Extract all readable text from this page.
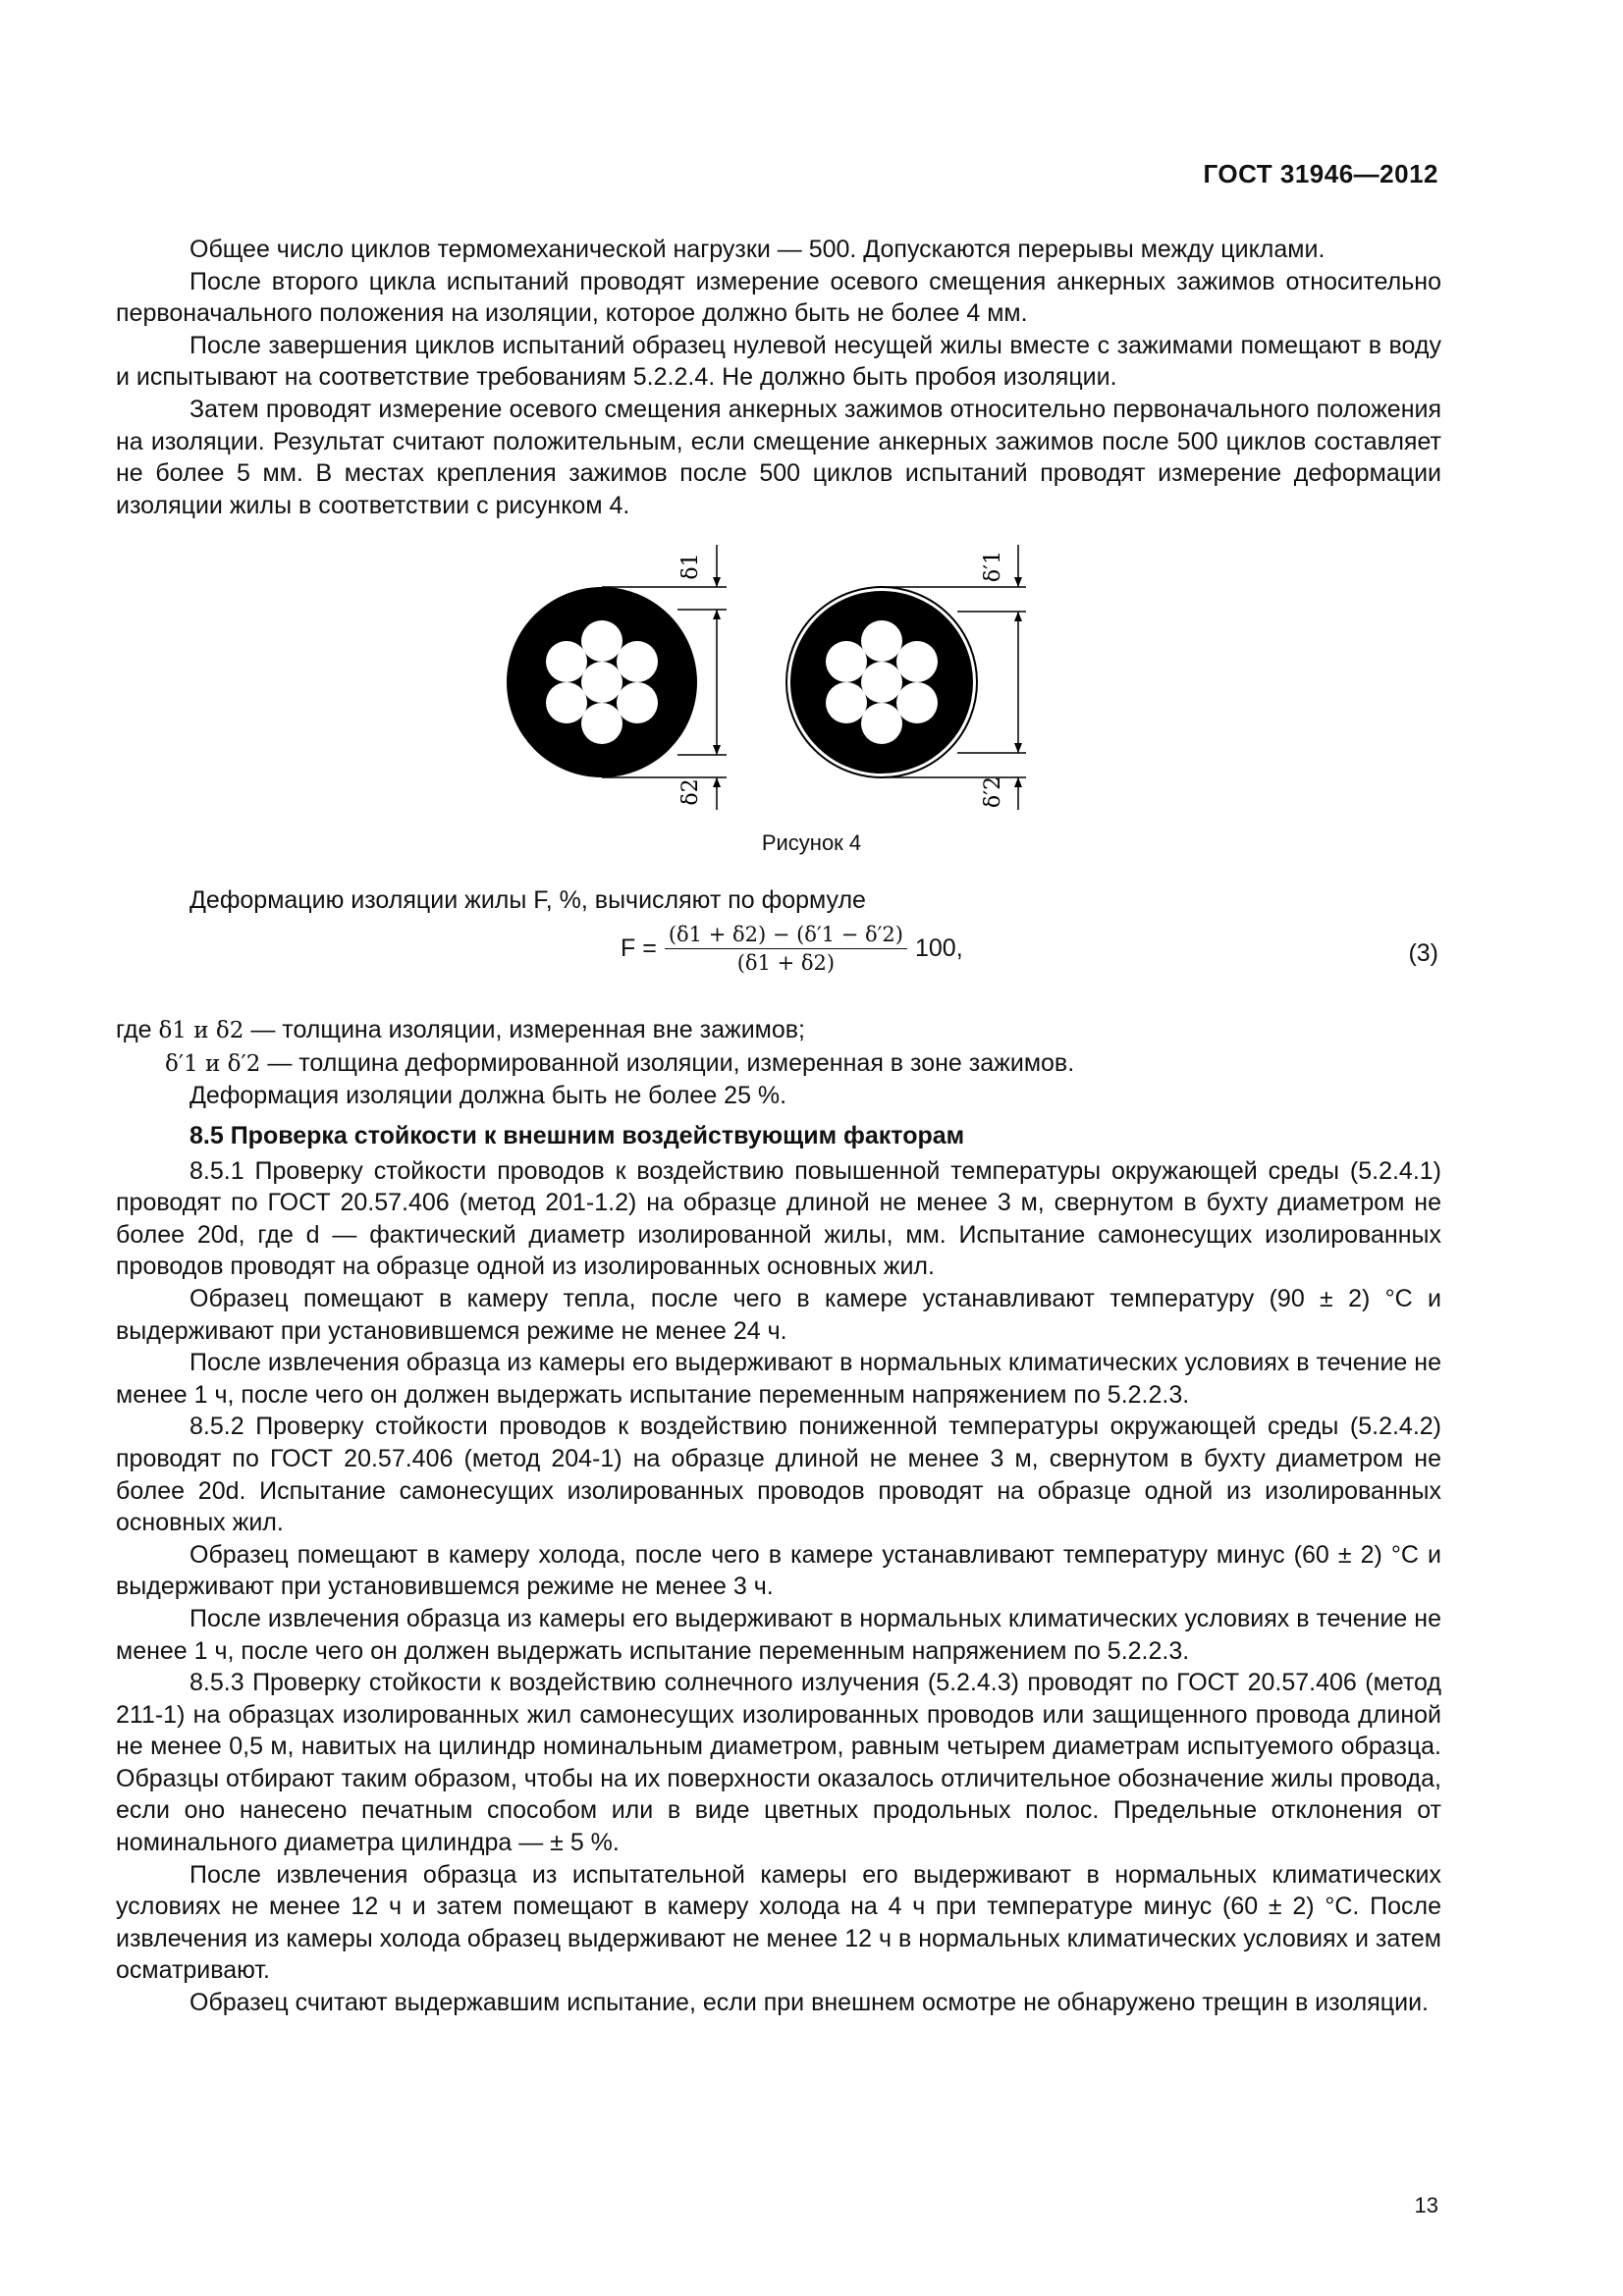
ГОСТ 31946—2012

Общее число циклов термомеханической нагрузки — 500. Допускаются перерывы между циклами.

После второго цикла испытаний проводят измерение осевого смещения анкерных зажимов относительно первоначального положения на изоляции, которое должно быть не более 4 мм.

После завершения циклов испытаний образец нулевой несущей жилы вместе с зажимами помещают в воду и испытывают на соответствие требованиям 5.2.2.4. Не должно быть пробоя изоляции.

Затем проводят измерение осевого смещения анкерных зажимов относительно первоначального положения на изоляции. Результат считают положительным, если смещение анкерных зажимов после 500 циклов составляет не более 5 мм. В местах крепления зажимов после 500 циклов испытаний проводят измерение деформации изоляции жилы в соответствии с рисунком 4.

δ1
δ2
δ′1
δ′2
Рисунок 4
Деформацию изоляции жилы F, %, вычисляют по формуле
$F = \frac{(\delta 1 + \delta 2) - (\delta'1 - \delta'2)}{(\delta 1 + \delta 2)} 100$,	(3)

где δ1 и δ2 — толщина изоляции, измеренная вне зажимов;

δ′1 и δ′2 — толщина деформированной изоляции, измеренная в зоне зажимов.

Деформация изоляции должна быть не более 25 %.

8.5 Проверка стойкости к внешним воздействующим факторам

8.5.1 Проверку стойкости проводов к воздействию повышенной температуры окружающей среды (5.2.4.1) проводят по ГОСТ 20.57.406 (метод 201-1.2) на образце длиной не менее 3 м, свернутом в бухту диаметром не более 20d, где d — фактический диаметр изолированной жилы, мм. Испытание самонесущих изолированных проводов проводят на образце одной из изолированных основных жил.

Образец помещают в камеру тепла, после чего в камере устанавливают температуру (90 ± 2) °С и выдерживают при установившемся режиме не менее 24 ч.

После извлечения образца из камеры его выдерживают в нормальных климатических условиях в течение не менее 1 ч, после чего он должен выдержать испытание переменным напряжением по 5.2.2.3.

8.5.2 Проверку стойкости проводов к воздействию пониженной температуры окружающей среды (5.2.4.2) проводят по ГОСТ 20.57.406 (метод 204-1) на образце длиной не менее 3 м, свернутом в бухту диаметром не более 20d. Испытание самонесущих изолированных проводов проводят на образце одной из изолированных основных жил.

Образец помещают в камеру холода, после чего в камере устанавливают температуру минус (60 ± 2) °С и выдерживают при установившемся режиме не менее 3 ч.

После извлечения образца из камеры его выдерживают в нормальных климатических условиях в течение не менее 1 ч, после чего он должен выдержать испытание переменным напряжением по 5.2.2.3.

8.5.3 Проверку стойкости к воздействию солнечного излучения (5.2.4.3) проводят по ГОСТ 20.57.406 (метод 211-1) на образцах изолированных жил самонесущих изолированных проводов или защищенного провода длиной не менее 0,5 м, навитых на цилиндр номинальным диаметром, равным четырем диаметрам испытуемого образца. Образцы отбирают таким образом, чтобы на их поверхности оказалось отличительное обозначение жилы провода, если оно нанесено печатным способом или в виде цветных продольных полос. Предельные отклонения от номинального диаметра цилиндра — ± 5 %.

После извлечения образца из испытательной камеры его выдерживают в нормальных климатических условиях не менее 12 ч и затем помещают в камеру холода на 4 ч при температуре минус (60 ± 2) °С. После извлечения из камеры холода образец выдерживают не менее 12 ч в нормальных климатических условиях и затем осматривают.

Образец считают выдержавшим испытание, если при внешнем осмотре не обнаружено трещин в изоляции.

13
